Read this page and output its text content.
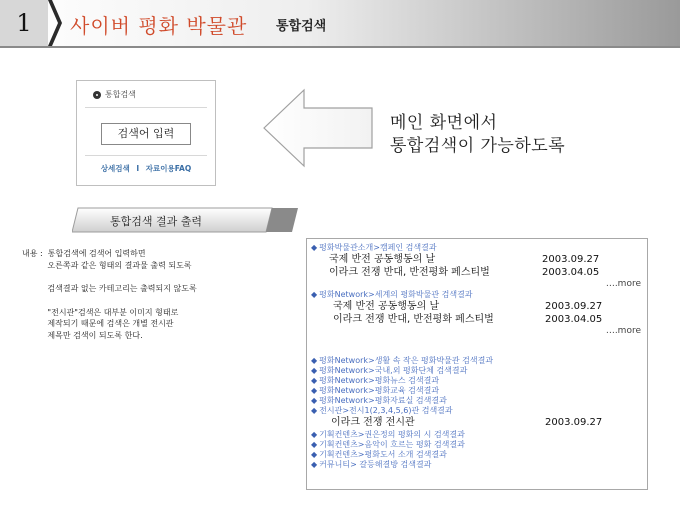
1	사이버 평화 박물관 통합검색
통합검색
검색어 입력
상세검색 I 자료이용FAQ
메인 화면에서
통합검색이 가능하도록
통합검색 결과 출력
내용 :  통합검색에 검색어 입력하면
오른쪽과 같은 형태의 결과물 출력 되도록
검색결과 없는 카테고리는 출력되지 않도록
"전시관"검색은 대부분 이미지 형태로
제작되기 때문에 검색은 개별 전시관
제목만 검색이 되도록 한다.
◆ 평화박물관소개>캠페인 검색결과
국제 반전 공동행동의 날	2003.09.27
이라크 전쟁 반대, 반전평화 페스티벌	2003.04.05
….more
◆ 평화Network>세계의 평화박물관 검색결과
국제 반전 공동행동의 날	2003.09.27
이라크 전쟁 반대, 반전평화 페스티벌	2003.04.05
….more
◆ 평화Network>생활 속 작은 평화박물관 검색결과
◆ 평화Network>국내,외 평화단체 검색결과
◆ 평화Network>평화뉴스 검색결과
◆ 평화Network>평화교육 검색결과
◆ 평화Network>평화자료실 검색결과
◆ 전시관>전시1(2,3,4,5,6)관 검색결과
이라크 전쟁 전시관	2003.09.27
◆ 기획컨텐츠>권은정의 평화의 시 검색결과
◆ 기획컨텐츠>음악이 흐르는 평화 검색결과
◆ 기획컨텐츠>평화도서 소개 검색결과
◆ 커뮤니티> 갈등해결방 검색결과
